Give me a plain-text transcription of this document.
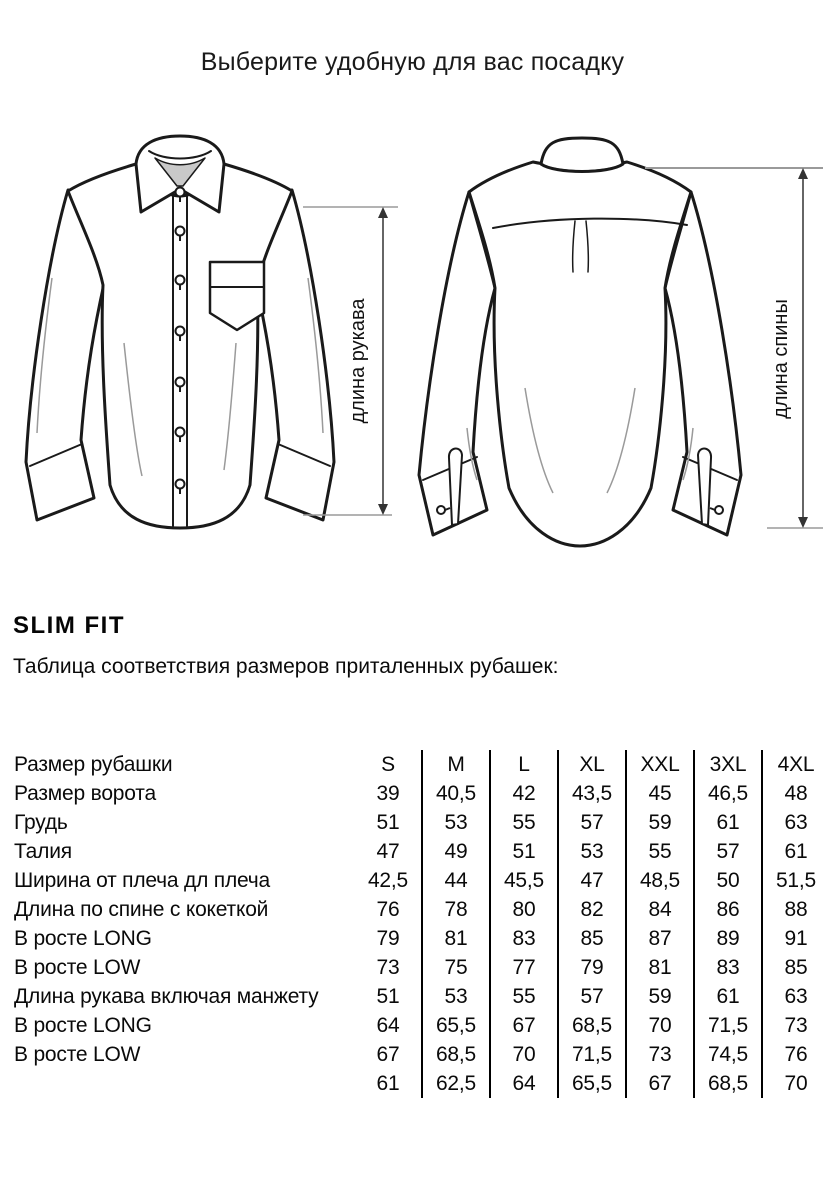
Выберите удобную для вас посадку
длина рукава	длина спины
SLIM FIT
Таблица соответствия размеров приталенных рубашек:
Размер рубашки	S	M	L	XL	XXL	3XL	4XL
Размер ворота	39	40,5	42	43,5	45	46,5	48
Грудь	51	53	55	57	59	61	63
Талия	47	49	51	53	55	57	61
Ширина от плеча дл плеча	42,5	44	45,5	47	48,5	50	51,5
Длина по спине с кокеткой	76	78	80	82	84	86	88
В росте LONG	79	81	83	85	87	89	91
В росте LOW	73	75	77	79	81	83	85
Длина рукава включая манжету	51	53	55	57	59	61	63
В росте LONG	64	65,5	67	68,5	70	71,5	73
В росте LOW	67	68,5	70	71,5	73	74,5	76
	61	62,5	64	65,5	67	68,5	70
